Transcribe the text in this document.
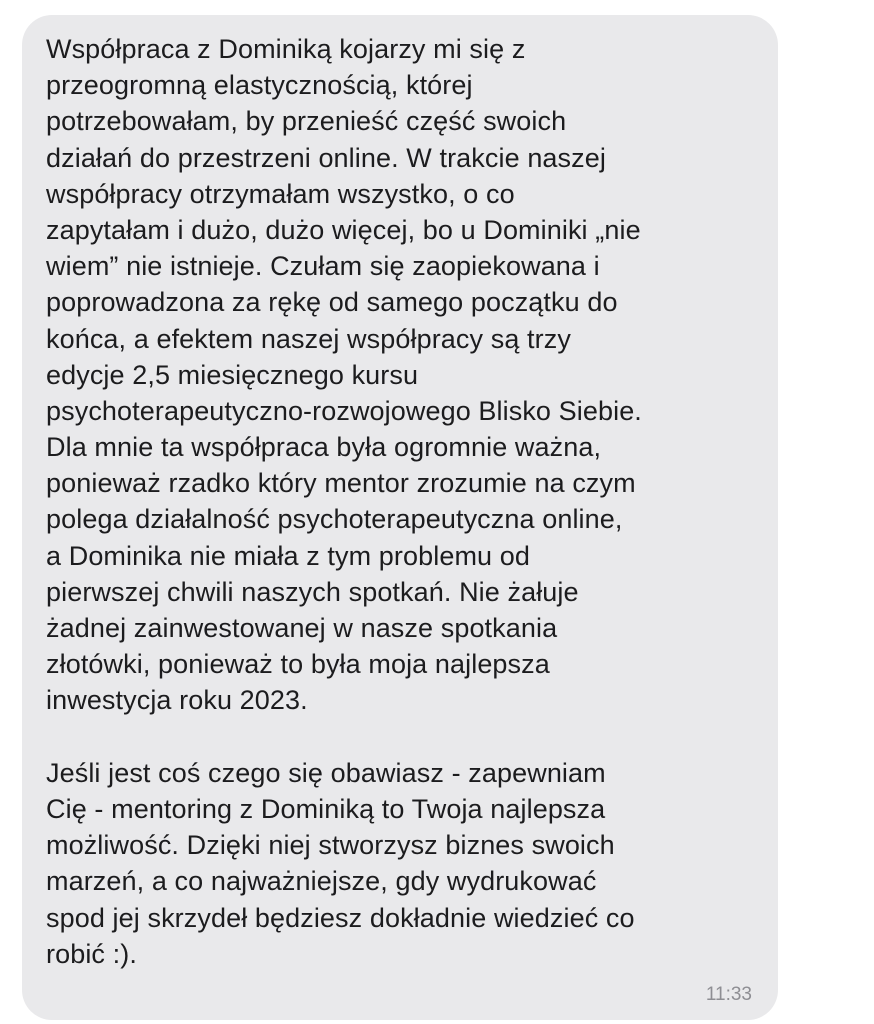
Współpraca z Dominiką kojarzy mi się z
przeogromną elastycznością, której
potrzebowałam, by przenieść część swoich
działań do przestrzeni online. W trakcie naszej
współpracy otrzymałam wszystko, o co
zapytałam i dużo, dużo więcej, bo u Dominiki „nie
wiem” nie istnieje. Czułam się zaopiekowana i
poprowadzona za rękę od samego początku do
końca, a efektem naszej współpracy są trzy
edycje 2,5 miesięcznego kursu
psychoterapeutyczno-rozwojowego Blisko Siebie.
Dla mnie ta współpraca była ogromnie ważna,
ponieważ rzadko który mentor zrozumie na czym
polega działalność psychoterapeutyczna online,
a Dominika nie miała z tym problemu od
pierwszej chwili naszych spotkań. Nie żałuje
żadnej zainwestowanej w nasze spotkania
złotówki, ponieważ to była moja najlepsza
inwestycja roku 2023.
Jeśli jest coś czego się obawiasz - zapewniam
Cię - mentoring z Dominiką to Twoja najlepsza
możliwość. Dzięki niej stworzysz biznes swoich
marzeń, a co najważniejsze, gdy wydrukować
spod jej skrzydeł będziesz dokładnie wiedzieć co
robić :).
11:33
